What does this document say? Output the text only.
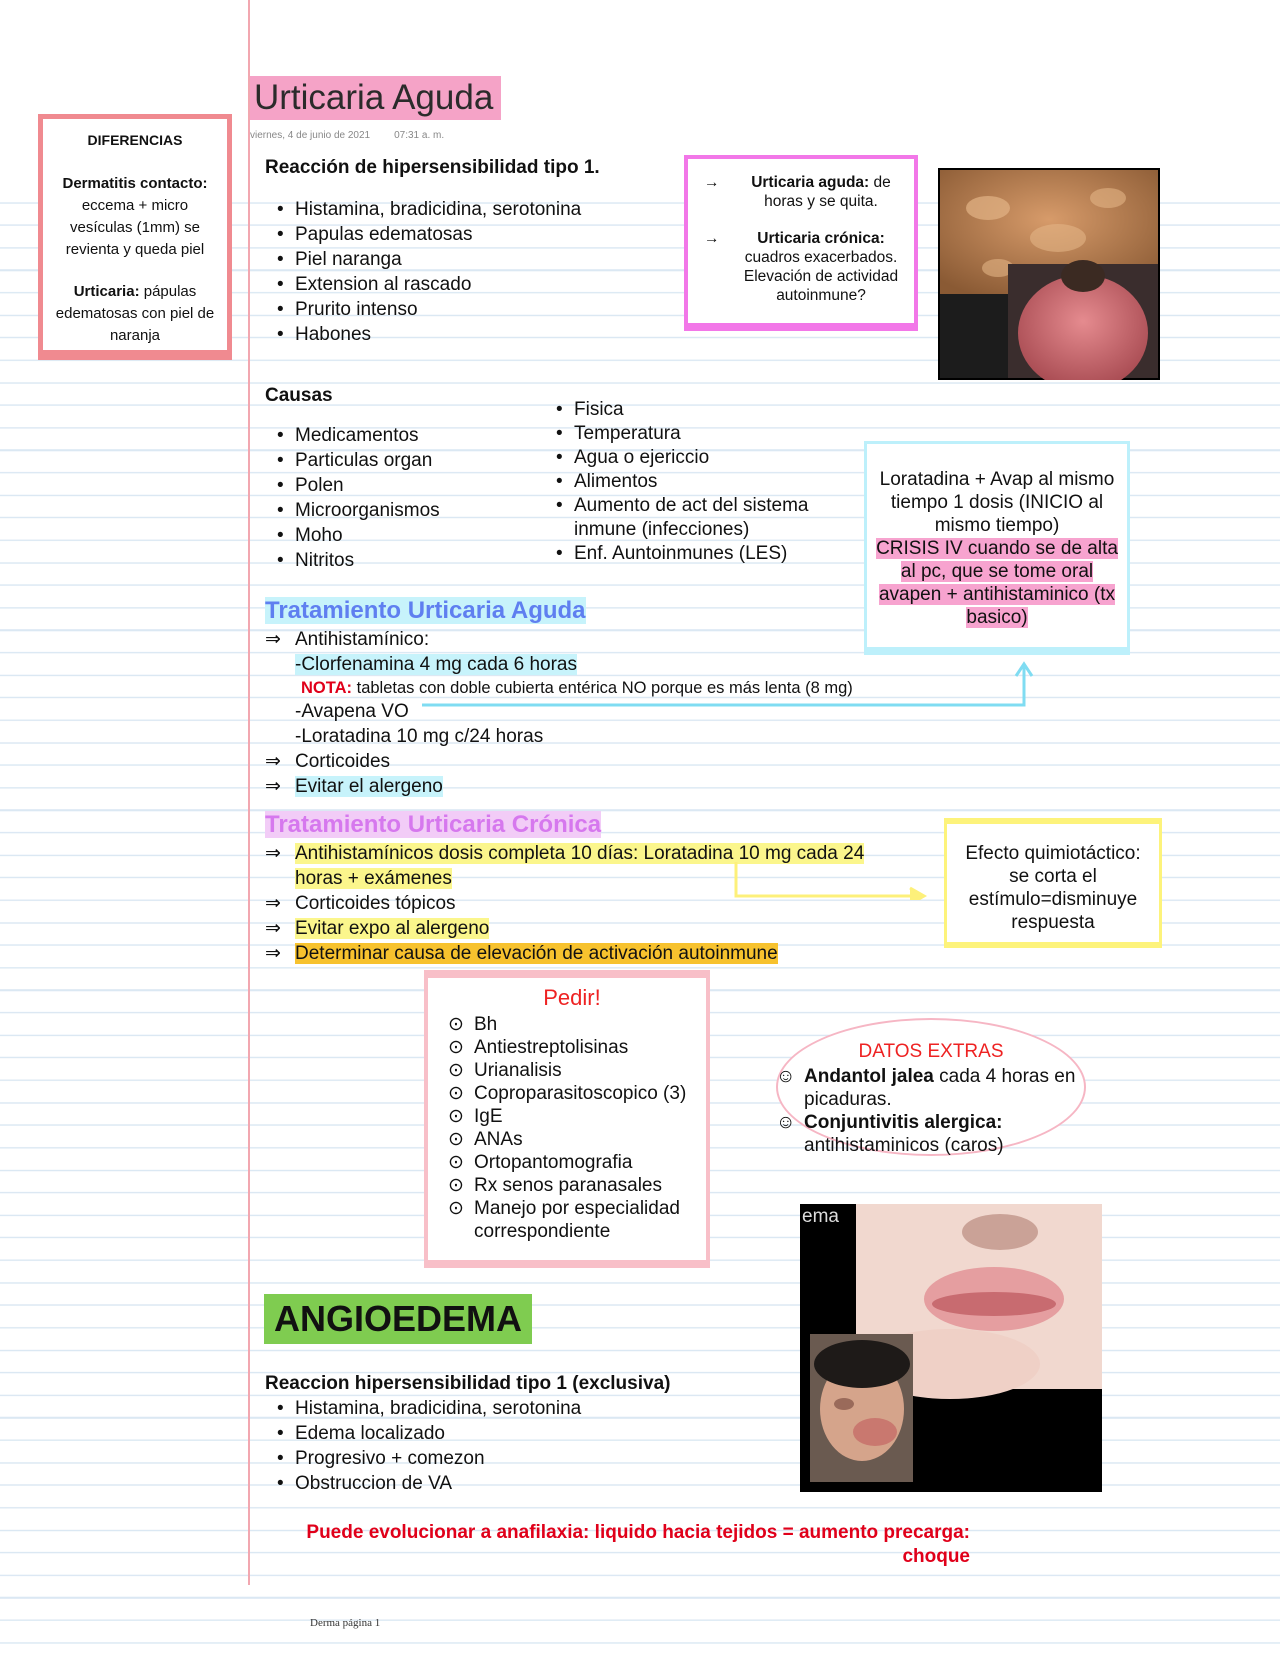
Urticaria Aguda
viernes, 4 de junio de 2021 07:31 a. m.
DIFERENCIAS
Dermatitis contacto:
eccema + micro vesículas (1mm) se revienta y queda piel
Urticaria: pápulas edematosas con piel de naranja
Reacción de hipersensibilidad tipo 1.
• Histamina, bradicidina, serotonina
• Papulas edematosas
• Piel naranga
• Extension al rascado
• Prurito intenso
• Habones
→ Urticaria aguda: de horas y se quita.
→ Urticaria crónica:
cuadros exacerbados. Elevación de actividad autoinmune?
Causas
• Medicamentos
• Particulas organ
• Polen
• Microorganismos
• Moho
• Nitritos
• Fisica
• Temperatura
• Agua o ejericcio
• Alimentos
• Aumento de act del sistema inmune (infecciones)
• Enf. Auntoinmunes (LES)
Loratadina + Avap al mismo tiempo 1 dosis (INICIO al mismo tiempo)
CRISIS IV cuando se de alta al pc, que se tome oral avapen + antihistaminico (tx basico)
Tratamiento Urticaria Aguda
⇒ Antihistamínico:
-Clorfenamina 4 mg cada 6 horas
NOTA: tabletas con doble cubierta entérica NO porque es más lenta (8 mg)
-Avapena VO
-Loratadina 10 mg c/24 horas
⇒ Corticoides
⇒ Evitar el alergeno
Tratamiento Urticaria Crónica
⇒ Antihistamínicos dosis completa 10 días: Loratadina 10 mg cada 24 horas + exámenes
⇒ Corticoides tópicos
⇒ Evitar expo al alergeno
⇒ Determinar causa de elevación de activación autoinmune
Efecto quimiotáctico: se corta el estímulo=disminuye respuesta
Pedir!
⊙ Bh
⊙ Antiestreptolisinas
⊙ Urianalisis
⊙ Coproparasitoscopico (3)
⊙ IgE
⊙ ANAs
⊙ Ortopantomografia
⊙ Rx senos paranasales
⊙ Manejo por especialidad correspondiente
DATOS EXTRAS
☺ Andantol jalea cada 4 horas en picaduras.
☺ Conjuntivitis alergica:
antihistaminicos (caros)
ema
ANGIOEDEMA
Reaccion hipersensibilidad tipo 1 (exclusiva)
• Histamina, bradicidina, serotonina
• Edema localizado
• Progresivo + comezon
• Obstruccion de VA
Puede evolucionar a anafilaxia: liquido hacia tejidos = aumento precarga: choque
Derma página 1
